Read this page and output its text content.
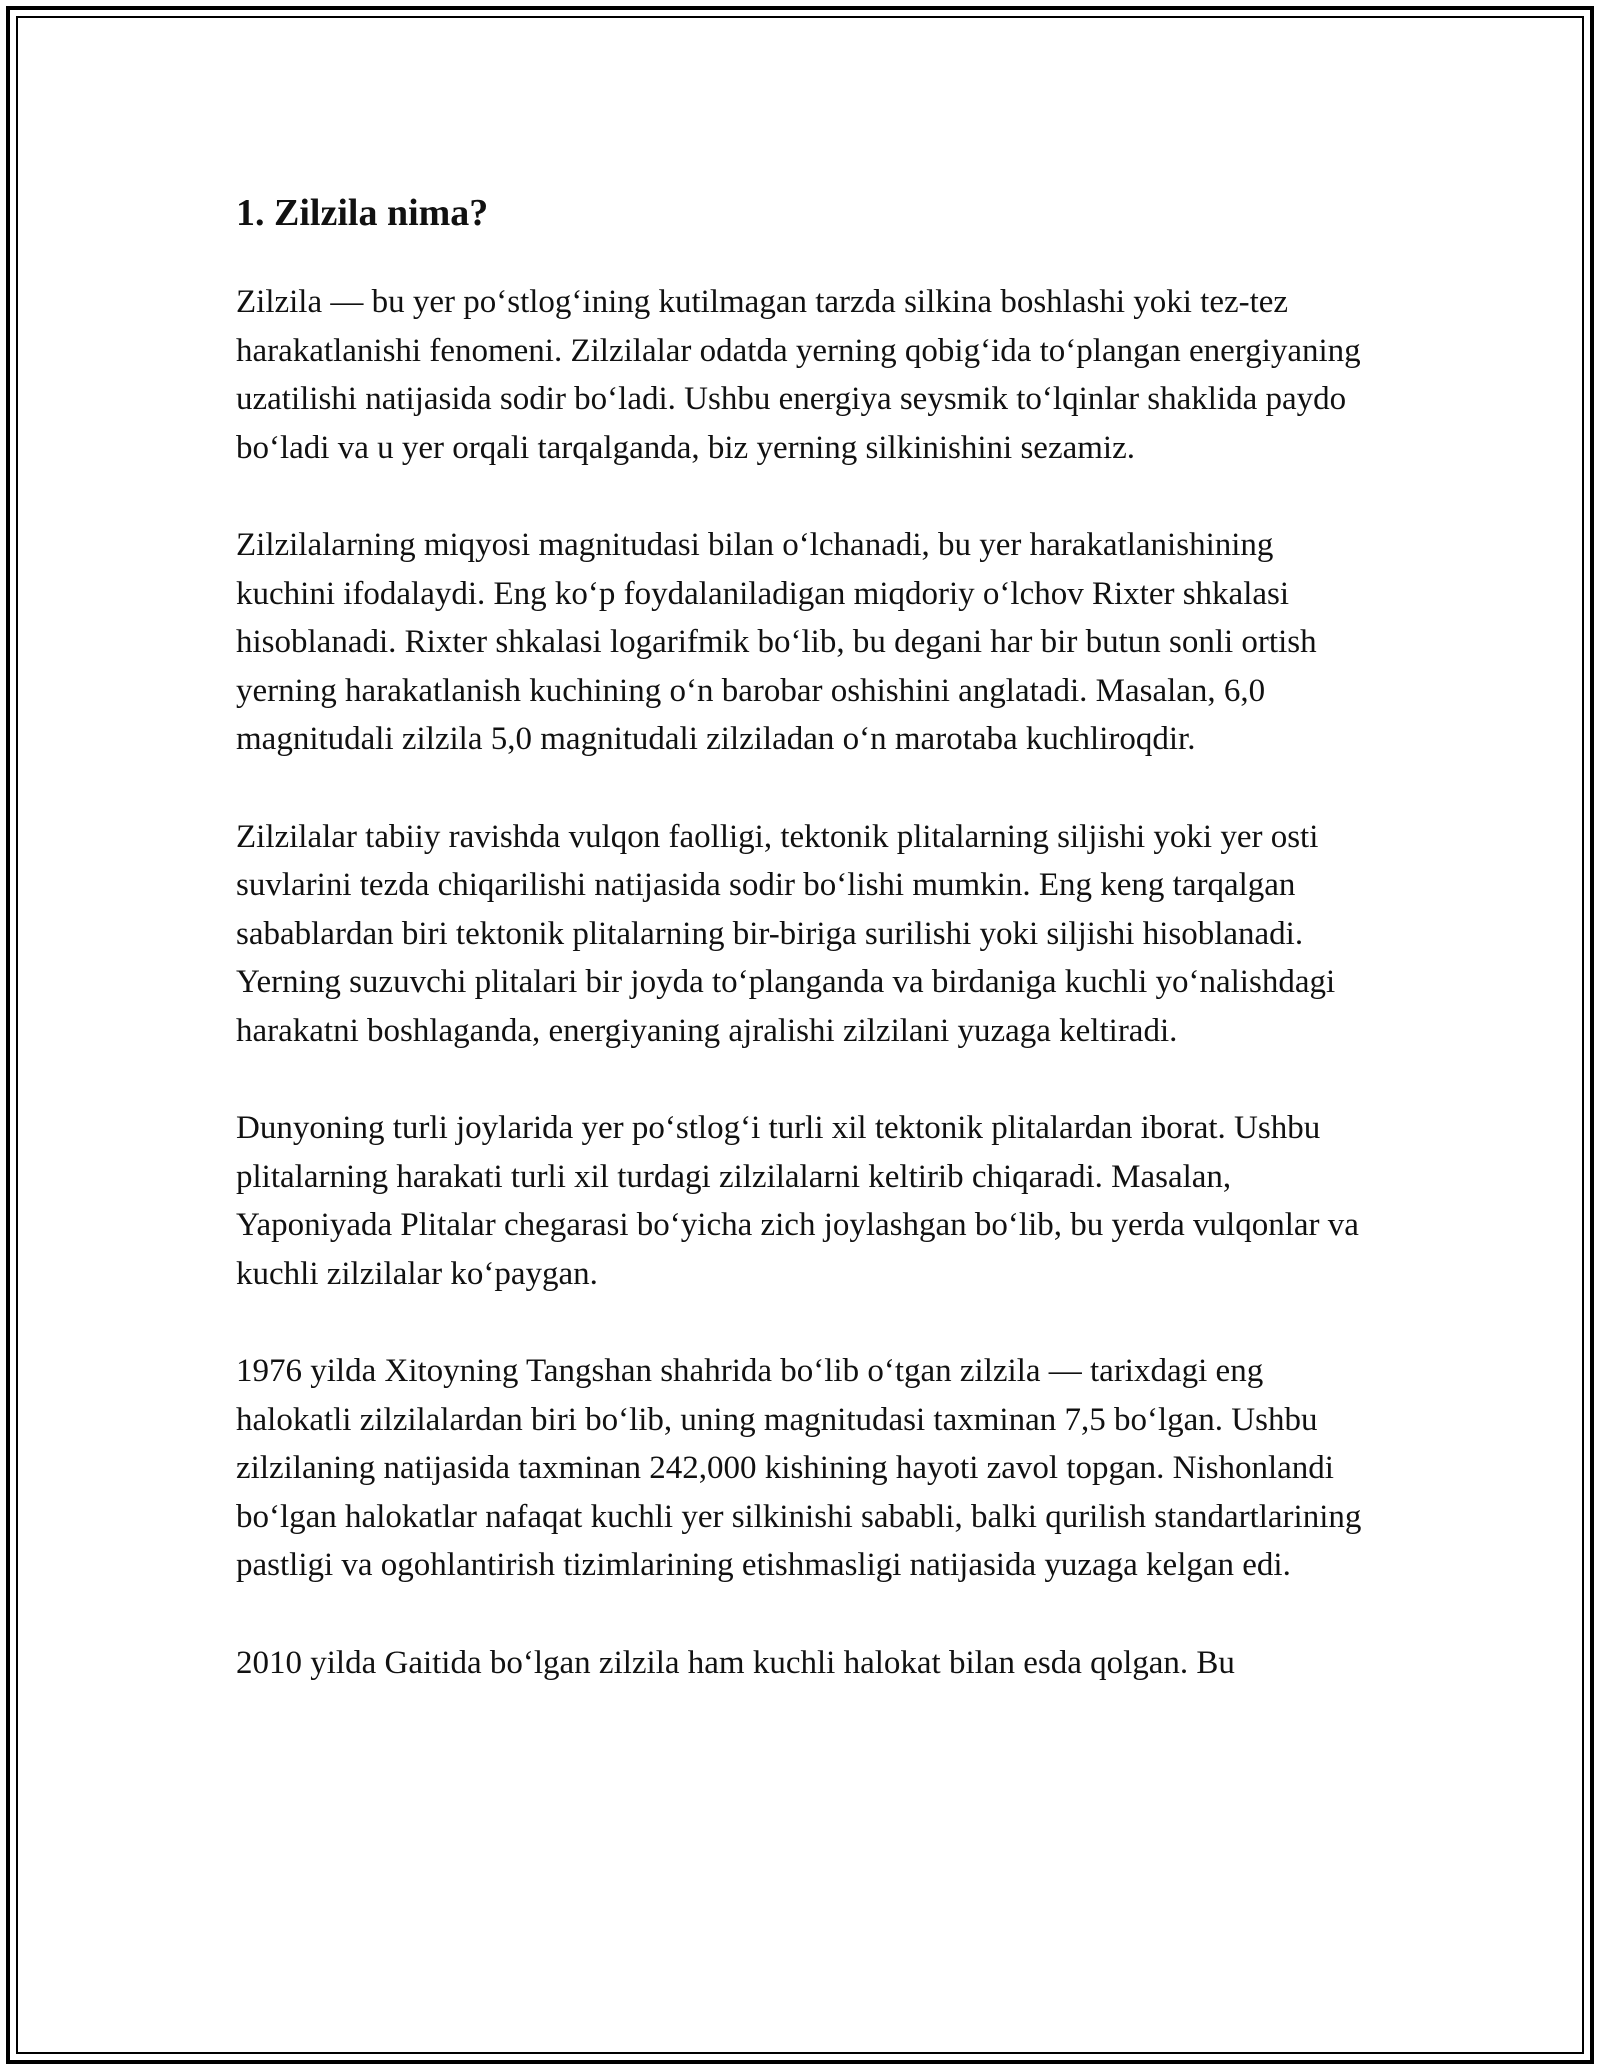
1. Zilzila nima?

Zilzila — bu yer po‘stlog‘ining kutilmagan tarzda silkina boshlashi yoki tez-tez harakatlanishi fenomeni. Zilzilalar odatda yerning qobig‘ida to‘plangan energiyaning uzatilishi natijasida sodir bo‘ladi. Ushbu energiya seysmik to‘lqinlar shaklida paydo bo‘ladi va u yer orqali tarqalganda, biz yerning silkinishini sezamiz.

Zilzilalarning miqyosi magnitudasi bilan o‘lchanadi, bu yer harakatlanishining kuchini ifodalaydi. Eng ko‘p foydalaniladigan miqdoriy o‘lchov Rixter shkalasi hisoblanadi. Rixter shkalasi logarifmik bo‘lib, bu degani har bir butun sonli ortish yerning harakatlanish kuchining o‘n barobar oshishini anglatadi. Masalan, 6,0 magnitudali zilzila 5,0 magnitudali zilziladan o‘n marotaba kuchliroqdir.

Zilzilalar tabiiy ravishda vulqon faolligi, tektonik plitalarning siljishi yoki yer osti suvlarini tezda chiqarilishi natijasida sodir bo‘lishi mumkin. Eng keng tarqalgan sabablardan biri tektonik plitalarning bir-biriga surilishi yoki siljishi hisoblanadi. Yerning suzuvchi plitalari bir joyda to‘planganda va birdaniga kuchli yo‘nalishdagi harakatni boshlaganda, energiyaning ajralishi zilzilani yuzaga keltiradi.

Dunyoning turli joylarida yer po‘stlog‘i turli xil tektonik plitalardan iborat. Ushbu plitalarning harakati turli xil turdagi zilzilalarni keltirib chiqaradi. Masalan, Yaponiyada Plitalar chegarasi bo‘yicha zich joylashgan bo‘lib, bu yerda vulqonlar va kuchli zilzilalar ko‘paygan.

1976 yilda Xitoyning Tangshan shahrida bo‘lib o‘tgan zilzila — tarixdagi eng halokatli zilzilalardan biri bo‘lib, uning magnitudasi taxminan 7,5 bo‘lgan. Ushbu zilzilaning natijasida taxminan 242,000 kishining hayoti zavol topgan. Nishonlandi bo‘lgan halokatlar nafaqat kuchli yer silkinishi sababli, balki qurilish standartlarining pastligi va ogohlantirish tizimlarining etishmasligi natijasida yuzaga kelgan edi.

2010 yilda Gaitida bo‘lgan zilzila ham kuchli halokat bilan esda qolgan. Bu
